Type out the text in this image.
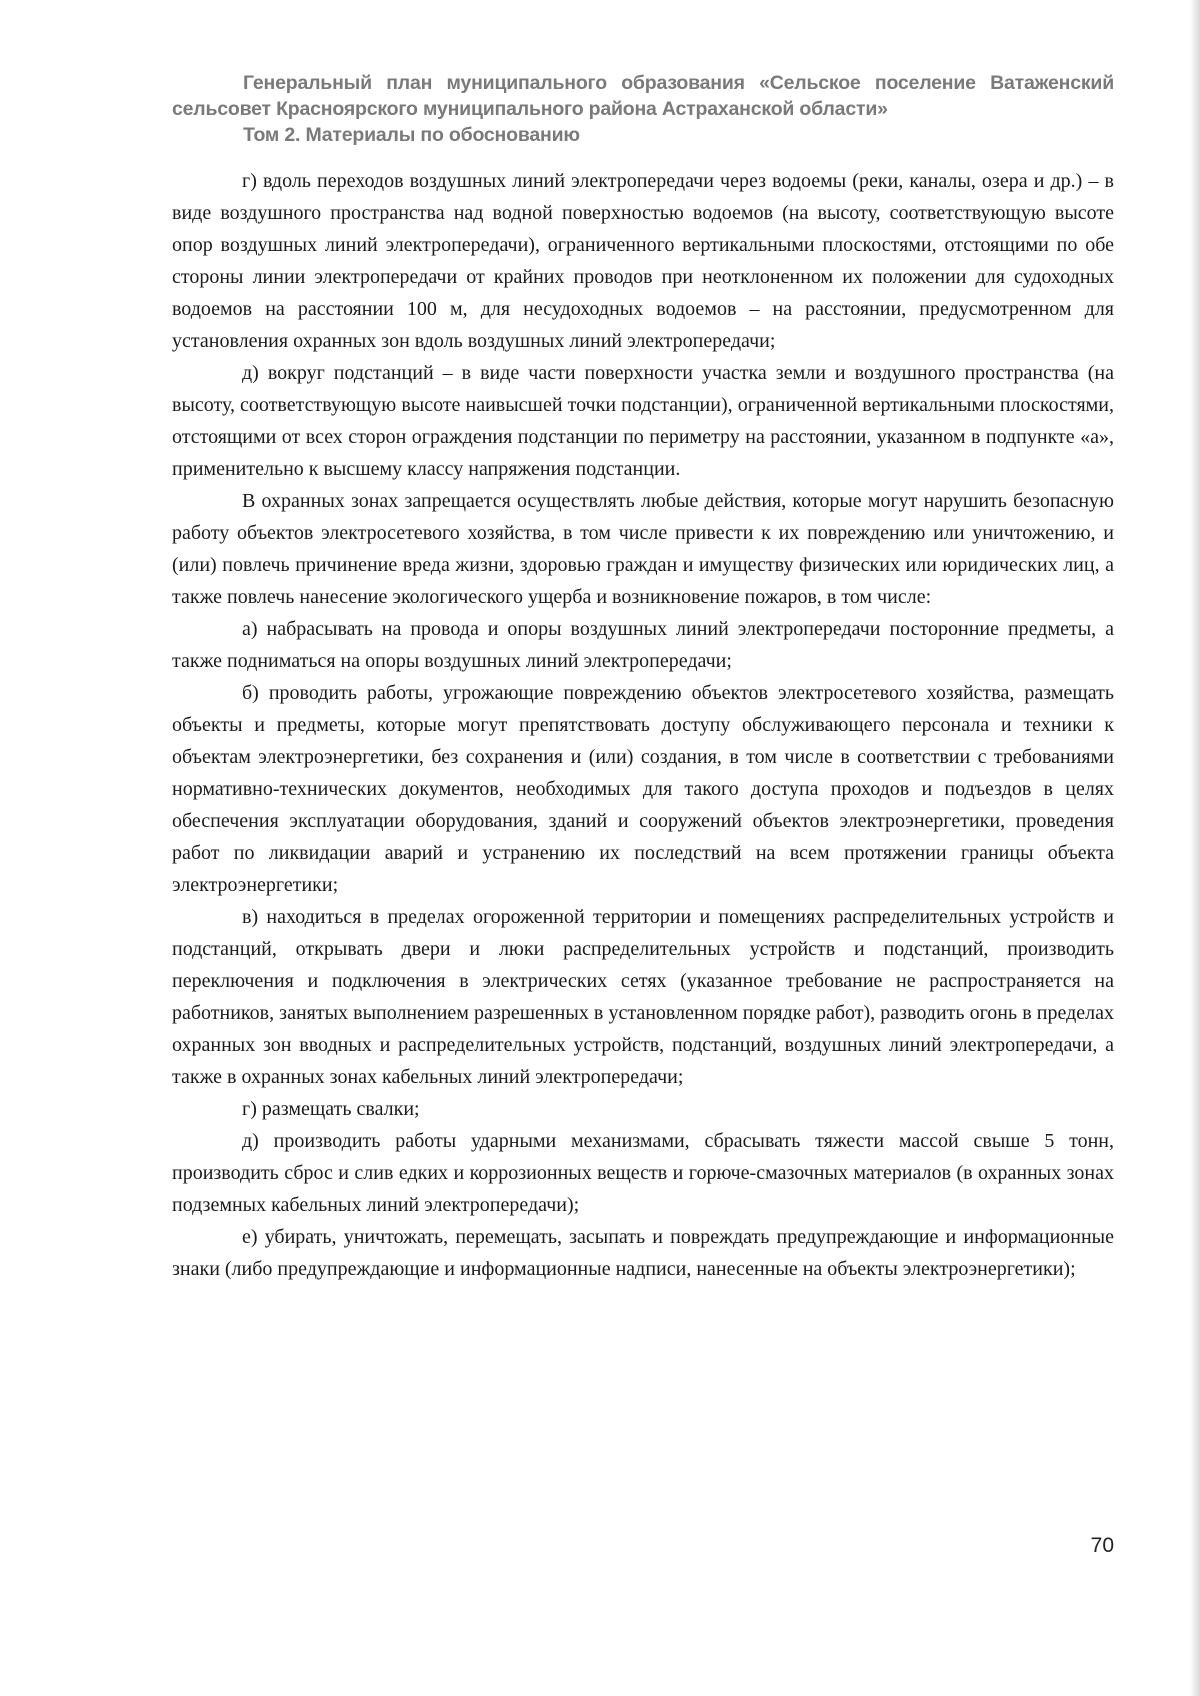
Генеральный план муниципального образования «Сельское поселение Ватаженский
сельсовет Красноярского муниципального района Астраханской области»
Том 2. Материалы по обоснованию

г) вдоль переходов воздушных линий электропередачи через водоемы (реки, каналы, озера и др.) – в виде воздушного пространства над водной поверхностью водоемов (на высоту, соответствующую высоте опор воздушных линий электропередачи), ограниченного вертикальными плоскостями, отстоящими по обе стороны линии электропередачи от крайних проводов при неотклоненном их положении для судоходных водоемов на расстоянии 100 м, для несудоходных водоемов – на расстоянии, предусмотренном для установления охранных зон вдоль воздушных линий электропередачи;

д) вокруг подстанций – в виде части поверхности участка земли и воздушного пространства (на высоту, соответствующую высоте наивысшей точки подстанции), ограниченной вертикальными плоскостями, отстоящими от всех сторон ограждения подстанции по периметру на расстоянии, указанном в подпункте «а», применительно к высшему классу напряжения подстанции.

В охранных зонах запрещается осуществлять любые действия, которые могут нарушить безопасную работу объектов электросетевого хозяйства, в том числе привести к их повреждению или уничтожению, и (или) повлечь причинение вреда жизни, здоровью граждан и имуществу физических или юридических лиц, а также повлечь нанесение экологического ущерба и возникновение пожаров, в том числе:

а) набрасывать на провода и опоры воздушных линий электропередачи посторонние предметы, а также подниматься на опоры воздушных линий электропередачи;

б) проводить работы, угрожающие повреждению объектов электросетевого хозяйства, размещать объекты и предметы, которые могут препятствовать доступу обслуживающего персонала и техники к объектам электроэнергетики, без сохранения и (или) создания, в том числе в соответствии с требованиями нормативно-технических документов, необходимых для такого доступа проходов и подъездов в целях обеспечения эксплуатации оборудования, зданий и сооружений объектов электроэнергетики, проведения работ по ликвидации аварий и устранению их последствий на всем протяжении границы объекта электроэнергетики;

в) находиться в пределах огороженной территории и помещениях распределительных устройств и подстанций, открывать двери и люки распределительных устройств и подстанций, производить переключения и подключения в электрических сетях (указанное требование не распространяется на работников, занятых выполнением разрешенных в установленном порядке работ), разводить огонь в пределах охранных зон вводных и распределительных устройств, подстанций, воздушных линий электропередачи, а также в охранных зонах кабельных линий электропередачи;

г) размещать свалки;

д) производить работы ударными механизмами, сбрасывать тяжести массой свыше 5 тонн, производить сброс и слив едких и коррозионных веществ и горюче-смазочных материалов (в охранных зонах подземных кабельных линий электропередачи);

е) убирать, уничтожать, перемещать, засыпать и повреждать предупреждающие и информационные знаки (либо предупреждающие и информационные надписи, нанесенные на объекты электроэнергетики);

70
